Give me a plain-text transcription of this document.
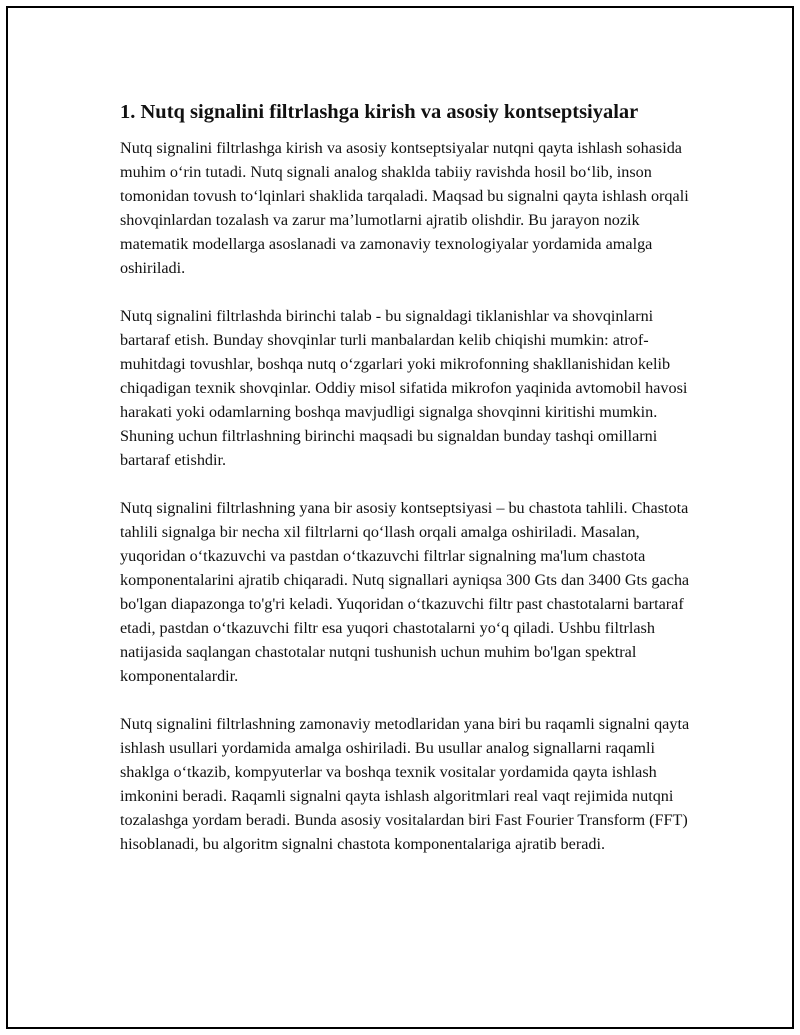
1. Nutq signalini filtrlashga kirish va asosiy kontseptsiyalar

Nutq signalini filtrlashga kirish va asosiy kontseptsiyalar nutqni qayta ishlash sohasida muhim o‘rin tutadi. Nutq signali analog shaklda tabiiy ravishda hosil bo‘lib, inson tomonidan tovush to‘lqinlari shaklida tarqaladi. Maqsad bu signalni qayta ishlash orqali shovqinlardan tozalash va zarur ma’lumotlarni ajratib olishdir. Bu jarayon nozik matematik modellarga asoslanadi va zamonaviy texnologiyalar yordamida amalga oshiriladi.

Nutq signalini filtrlashda birinchi talab - bu signaldagi tiklanishlar va shovqinlarni bartaraf etish. Bunday shovqinlar turli manbalardan kelib chiqishi mumkin: atrof-muhitdagi tovushlar, boshqa nutq o‘zgarlari yoki mikrofonning shakllanishidan kelib chiqadigan texnik shovqinlar. Oddiy misol sifatida mikrofon yaqinida avtomobil havosi harakati yoki odamlarning boshqa mavjudligi signalga shovqinni kiritishi mumkin. Shuning uchun filtrlashning birinchi maqsadi bu signaldan bunday tashqi omillarni bartaraf etishdir.

Nutq signalini filtrlashning yana bir asosiy kontseptsiyasi – bu chastota tahlili. Chastota tahlili signalga bir necha xil filtrlarni qo‘llash orqali amalga oshiriladi. Masalan, yuqoridan o‘tkazuvchi va pastdan o‘tkazuvchi filtrlar signalning ma'lum chastota komponentalarini ajratib chiqaradi. Nutq signallari ayniqsa 300 Gts dan 3400 Gts gacha bo'lgan diapazonga to'g'ri keladi. Yuqoridan o‘tkazuvchi filtr past chastotalarni bartaraf etadi, pastdan o‘tkazuvchi filtr esa yuqori chastotalarni yo‘q qiladi. Ushbu filtrlash natijasida saqlangan chastotalar nutqni tushunish uchun muhim bo'lgan spektral komponentalardir.

Nutq signalini filtrlashning zamonaviy metodlaridan yana biri bu raqamli signalni qayta ishlash usullari yordamida amalga oshiriladi. Bu usullar analog signallarni raqamli shaklga o‘tkazib, kompyuterlar va boshqa texnik vositalar yordamida qayta ishlash imkonini beradi. Raqamli signalni qayta ishlash algoritmlari real vaqt rejimida nutqni tozalashga yordam beradi. Bunda asosiy vositalardan biri Fast Fourier Transform (FFT) hisoblanadi, bu algoritm signalni chastota komponentalariga ajratib beradi.
